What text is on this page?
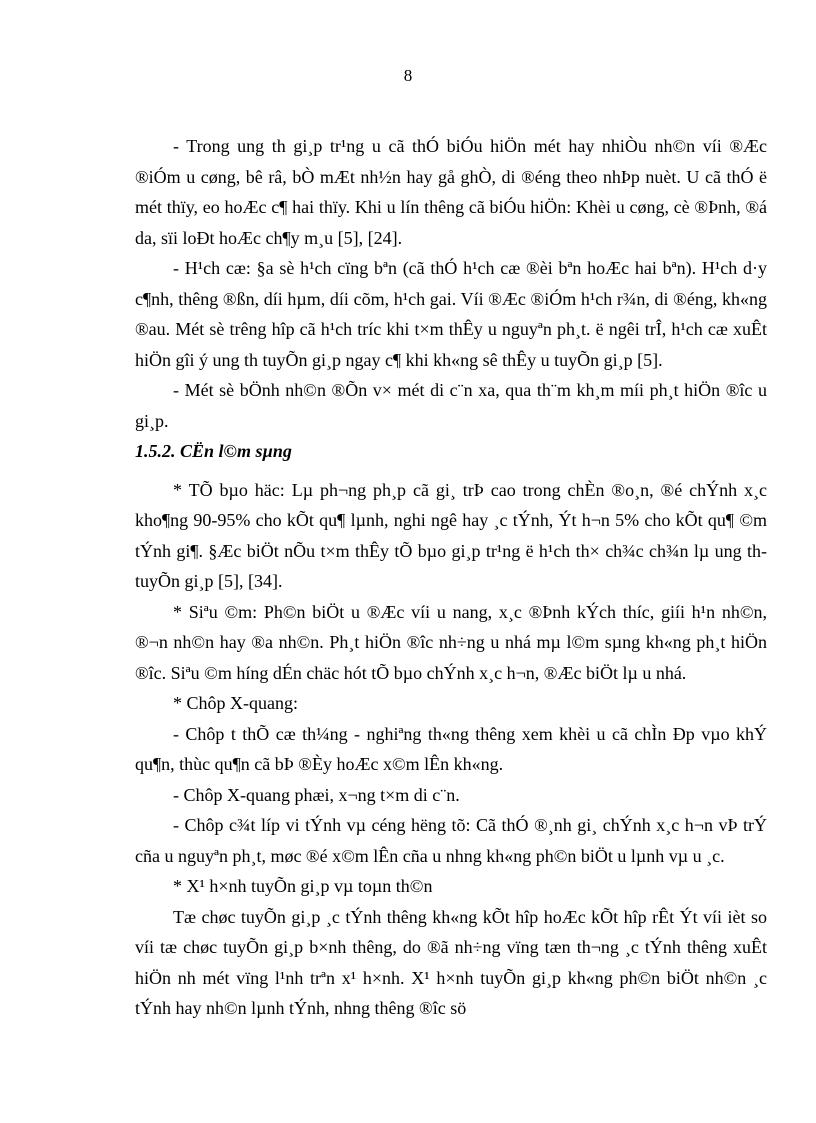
8

- Trong ung th gi¸p tr¹ng u cã thÓ biÓu hiÖn mét hay nhiÒu nh©n víi ®Æc ®iÓm u cøng, bê râ, bÒ mÆt nh½n hay gå ghÒ, di ®éng theo nhÞp nuèt. U cã thÓ ë mét thïy, eo hoÆc c¶ hai thïy. Khi u lín thêng cã biÓu hiÖn: Khèi u cøng, cè ®Þnh, ®á da, sïi loÐt hoÆc ch¶y m¸u [5], [24].

- H¹ch cæ: §a sè h¹ch cïng bªn (cã thÓ h¹ch cæ ®èi bªn hoÆc hai bªn). H¹ch d·y c¶nh, thêng ®ßn, díi hµm, díi cõm, h¹ch gai. Víi ®Æc ®iÓm h¹ch r¾n, di ®éng, kh«ng ®au. Mét sè trêng hîp cã h¹ch tríc khi t×m thÊy u nguyªn ph¸t. ë ngêi trÎ, h¹ch cæ xuÊt hiÖn gîi ý ung th tuyÕn gi¸p ngay c¶ khi kh«ng sê thÊy u tuyÕn gi¸p [5].

- Mét sè bÖnh nh©n ®Õn v× mét di c¨n xa, qua th¨m kh¸m míi ph¸t hiÖn ®îc u gi¸p.

1.5.2. CËn l©m sµng

* TÕ bµo häc: Lµ ph¬ng ph¸p cã gi¸ trÞ cao trong chÈn ®o¸n, ®é chÝnh x¸c kho¶ng 90-95% cho kÕt qu¶ lµnh, nghi ngê hay ¸c tÝnh, Ýt h¬n 5% cho kÕt qu¶ ©m tÝnh gi¶. §Æc biÖt nÕu t×m thÊy tÕ bµo gi¸p tr¹ng ë h¹ch th× ch¾c ch¾n lµ ung th tuyÕn gi¸p [5], [34].

* Siªu ©m: Ph©n biÖt u ®Æc víi u nang, x¸c ®Þnh kÝch thíc, giíi h¹n nh©n, ®¬n nh©n hay ®a nh©n. Ph¸t hiÖn ®îc nh÷ng u nhá mµ l©m sµng kh«ng ph¸t hiÖn ®îc. Siªu ©m híng dÉn chäc hót tÕ bµo chÝnh x¸c h¬n, ®Æc biÖt lµ u nhá.

* Chôp X-quang:

- Chôp t thÕ cæ th¼ng - nghiªng th«ng thêng xem khèi u cã chÌn Ðp vµo khÝ qu¶n, thùc qu¶n cã bÞ ®Èy hoÆc x©m lÊn kh«ng.

- Chôp X-quang phæi, x¬ng t×m di c¨n.

- Chôp c¾t líp vi tÝnh vµ céng hëng tõ: Cã thÓ ®¸nh gi¸ chÝnh x¸c h¬n vÞ trÝ cña u nguyªn ph¸t, møc ®é x©m lÊn cña u nhng kh«ng ph©n biÖt u lµnh vµ u ¸c.

* X¹ h×nh tuyÕn gi¸p vµ toµn th©n

Tæ chøc tuyÕn gi¸p ¸c tÝnh thêng kh«ng kÕt hîp hoÆc kÕt hîp rÊt Ýt víi ièt so víi tæ chøc tuyÕn gi¸p b×nh thêng, do ®ã nh÷ng vïng tæn th¬ng ¸c tÝnh thêng xuÊt hiÖn nh mét vïng l¹nh trªn x¹ h×nh. X¹ h×nh tuyÕn gi¸p kh«ng ph©n biÖt nh©n ¸c tÝnh hay nh©n lµnh tÝnh, nhng thêng ®îc sö
